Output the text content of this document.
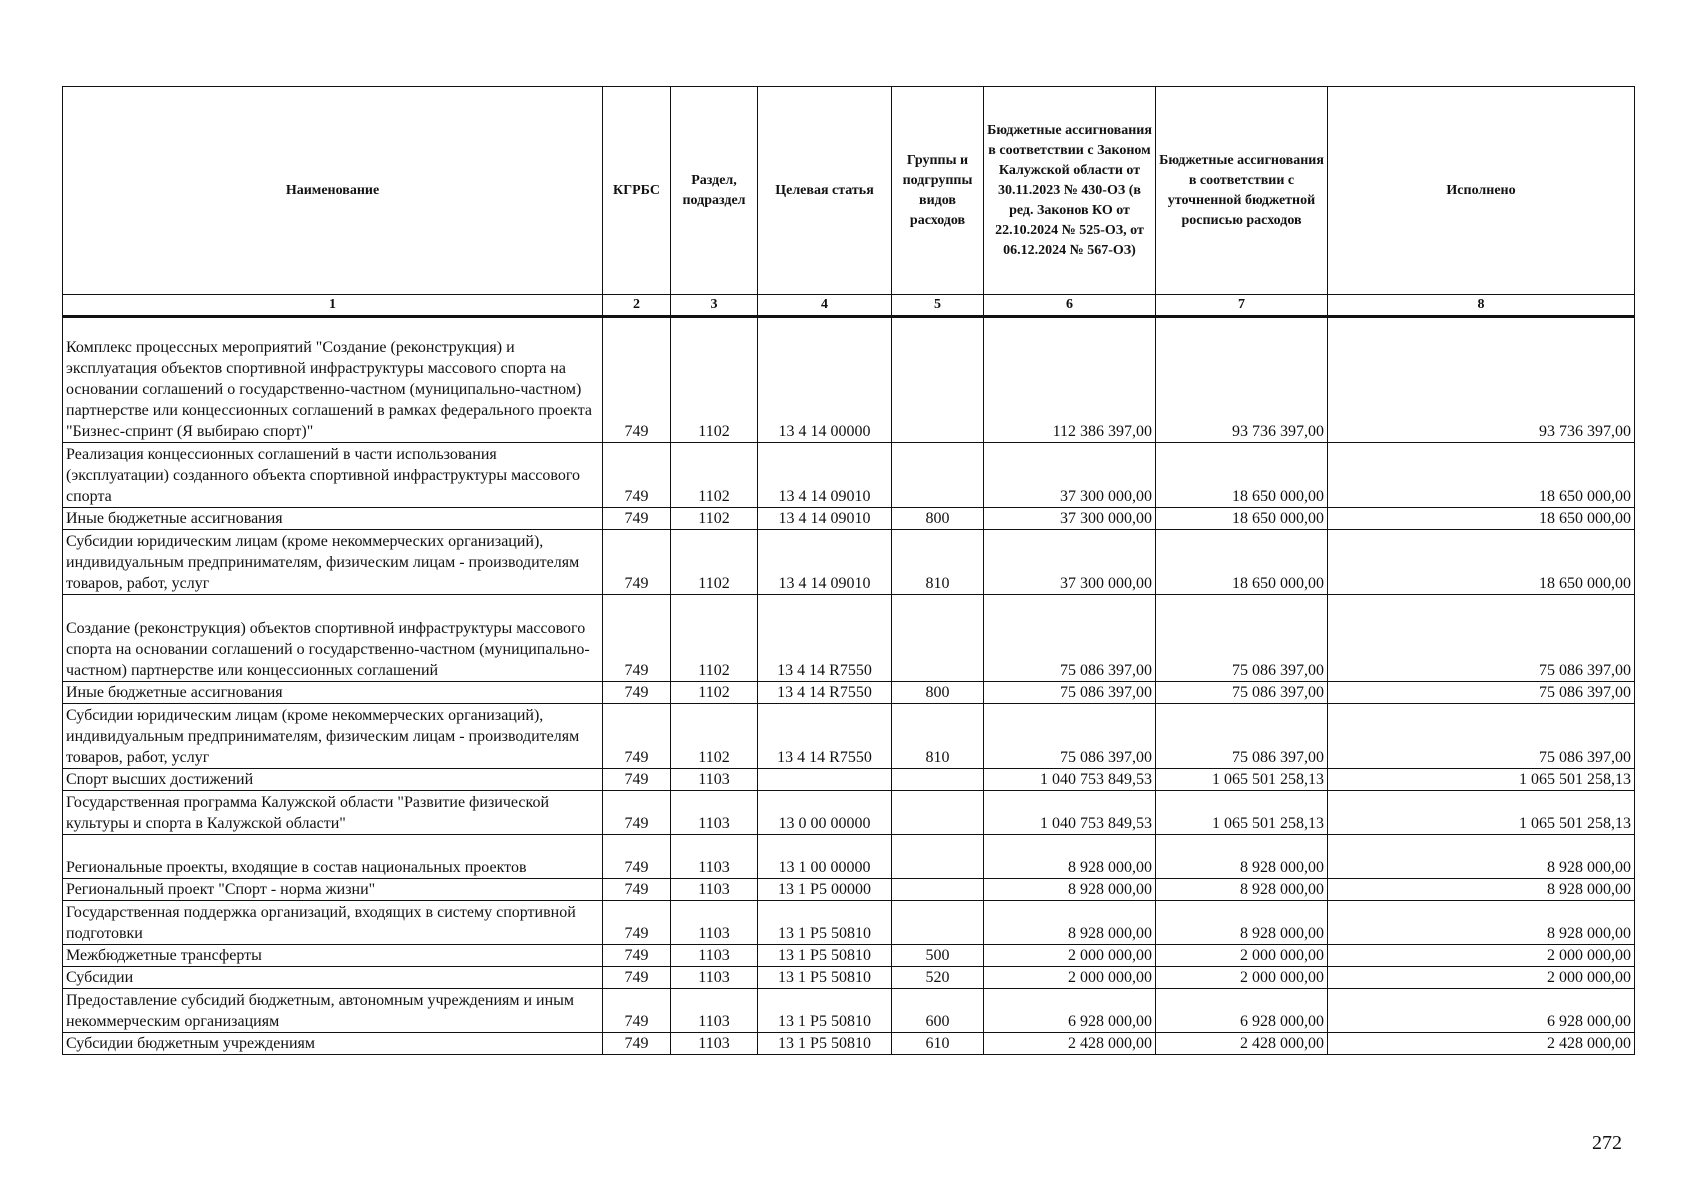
Наименование	КГРБС	Раздел, подраздел	Целевая статья	Группы и подгруппы видов расходов	Бюджетные ассигнования в соответствии с Законом Калужской области от 30.11.2023 № 430-ОЗ (в ред. Законов КО от 22.10.2024 № 525-ОЗ, от 06.12.2024 № 567-ОЗ)	Бюджетные ассигнования в соответствии с уточненной бюджетной росписью расходов	Исполнено
1	2	3	4	5	6	7	8
Комплекс процессных мероприятий "Создание (реконструкция) и эксплуатация объектов спортивной инфраструктуры массового спорта на основании соглашений о государственно-частном (муниципально-частном) партнерстве или концессионных соглашений в рамках федерального проекта "Бизнес-спринт (Я выбираю спорт)"	749	1102	13 4 14 00000		112 386 397,00	93 736 397,00	93 736 397,00
Реализация концессионных соглашений в части использования (эксплуатации) созданного объекта спортивной инфраструктуры массового спорта	749	1102	13 4 14 09010		37 300 000,00	18 650 000,00	18 650 000,00
Иные бюджетные ассигнования	749	1102	13 4 14 09010	800	37 300 000,00	18 650 000,00	18 650 000,00
Субсидии юридическим лицам (кроме некоммерческих организаций), индивидуальным предпринимателям, физическим лицам - производителям товаров, работ, услуг	749	1102	13 4 14 09010	810	37 300 000,00	18 650 000,00	18 650 000,00
Создание (реконструкция) объектов спортивной инфраструктуры массового спорта на основании соглашений о государственно-частном (муниципально-частном) партнерстве или концессионных соглашений	749	1102	13 4 14 R7550		75 086 397,00	75 086 397,00	75 086 397,00
Иные бюджетные ассигнования	749	1102	13 4 14 R7550	800	75 086 397,00	75 086 397,00	75 086 397,00
Субсидии юридическим лицам (кроме некоммерческих организаций), индивидуальным предпринимателям, физическим лицам - производителям товаров, работ, услуг	749	1102	13 4 14 R7550	810	75 086 397,00	75 086 397,00	75 086 397,00
Спорт высших достижений	749	1103			1 040 753 849,53	1 065 501 258,13	1 065 501 258,13
Государственная программа Калужской области "Развитие физической культуры и спорта в Калужской области"	749	1103	13 0 00 00000		1 040 753 849,53	1 065 501 258,13	1 065 501 258,13
Региональные проекты, входящие в состав национальных проектов	749	1103	13 1 00 00000		8 928 000,00	8 928 000,00	8 928 000,00
Региональный проект "Спорт - норма жизни"	749	1103	13 1 P5 00000		8 928 000,00	8 928 000,00	8 928 000,00
Государственная поддержка организаций, входящих в систему спортивной подготовки	749	1103	13 1 P5 50810		8 928 000,00	8 928 000,00	8 928 000,00
Межбюджетные трансферты	749	1103	13 1 P5 50810	500	2 000 000,00	2 000 000,00	2 000 000,00
Субсидии	749	1103	13 1 P5 50810	520	2 000 000,00	2 000 000,00	2 000 000,00
Предоставление субсидий бюджетным, автономным учреждениям и иным некоммерческим организациям	749	1103	13 1 P5 50810	600	6 928 000,00	6 928 000,00	6 928 000,00
Субсидии бюджетным учреждениям	749	1103	13 1 P5 50810	610	2 428 000,00	2 428 000,00	2 428 000,00
272
